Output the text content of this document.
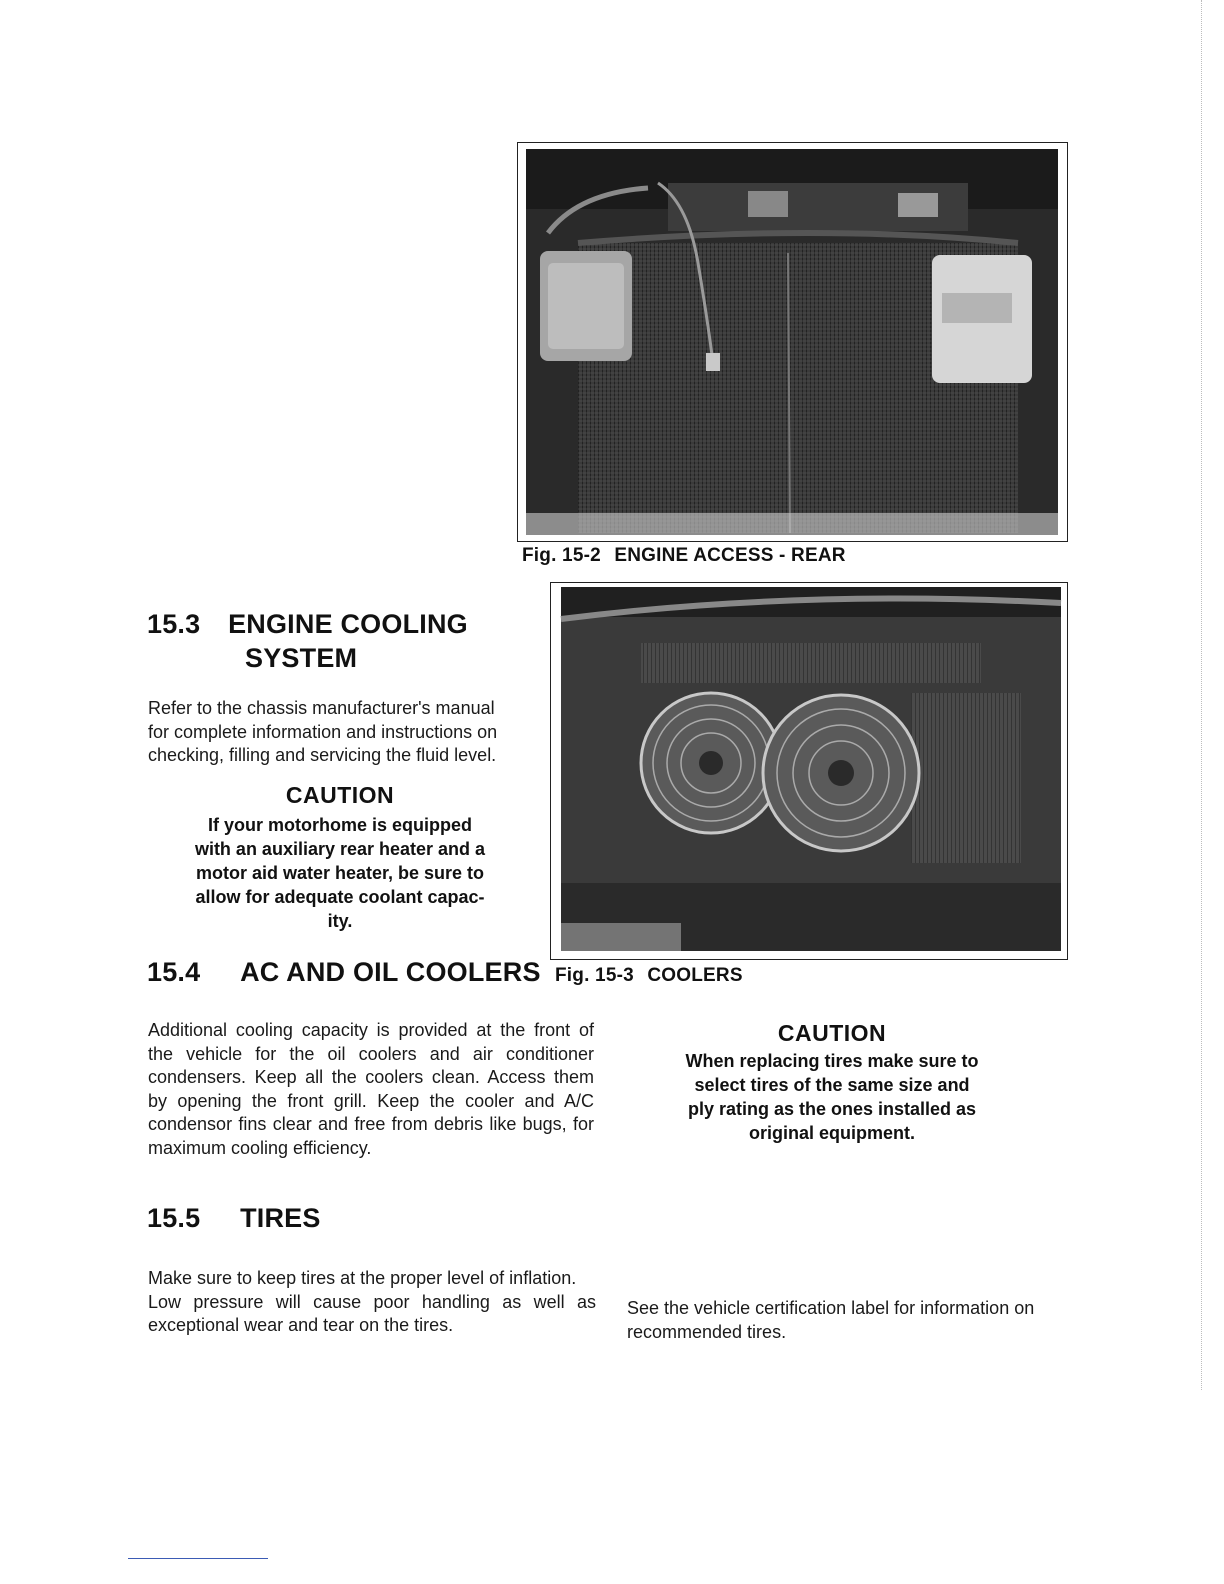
Fig. 15-2 ENGINE ACCESS - REAR
15.3 ENGINE COOLING
SYSTEM
Refer to the chassis manufacturer's manual
for complete information and instructions on
checking, filling and servicing the fluid level.
CAUTION
If your motorhome is equipped
with an auxiliary rear heater and a
motor aid water heater, be sure to
allow for adequate coolant capac-
ity.
15.4 AC AND OIL COOLERS Fig. 15-3 COOLERS
Additional cooling capacity is provided at the front of
the vehicle for the oil coolers and air conditioner
condensers. Keep all the coolers clean. Access them
by opening the front grill. Keep the cooler and A/C
condensor fins clear and free from debris like bugs, for
maximum cooling efficiency.
CAUTION
When replacing tires make sure to
select tires of the same size and
ply rating as the ones installed as
original equipment.
15.5 TIRES
Make sure to keep tires at the proper level of inflation.
Low pressure will cause poor handling as well as
exceptional wear and tear on the tires.
See the vehicle certification label for information on
recommended tires.
